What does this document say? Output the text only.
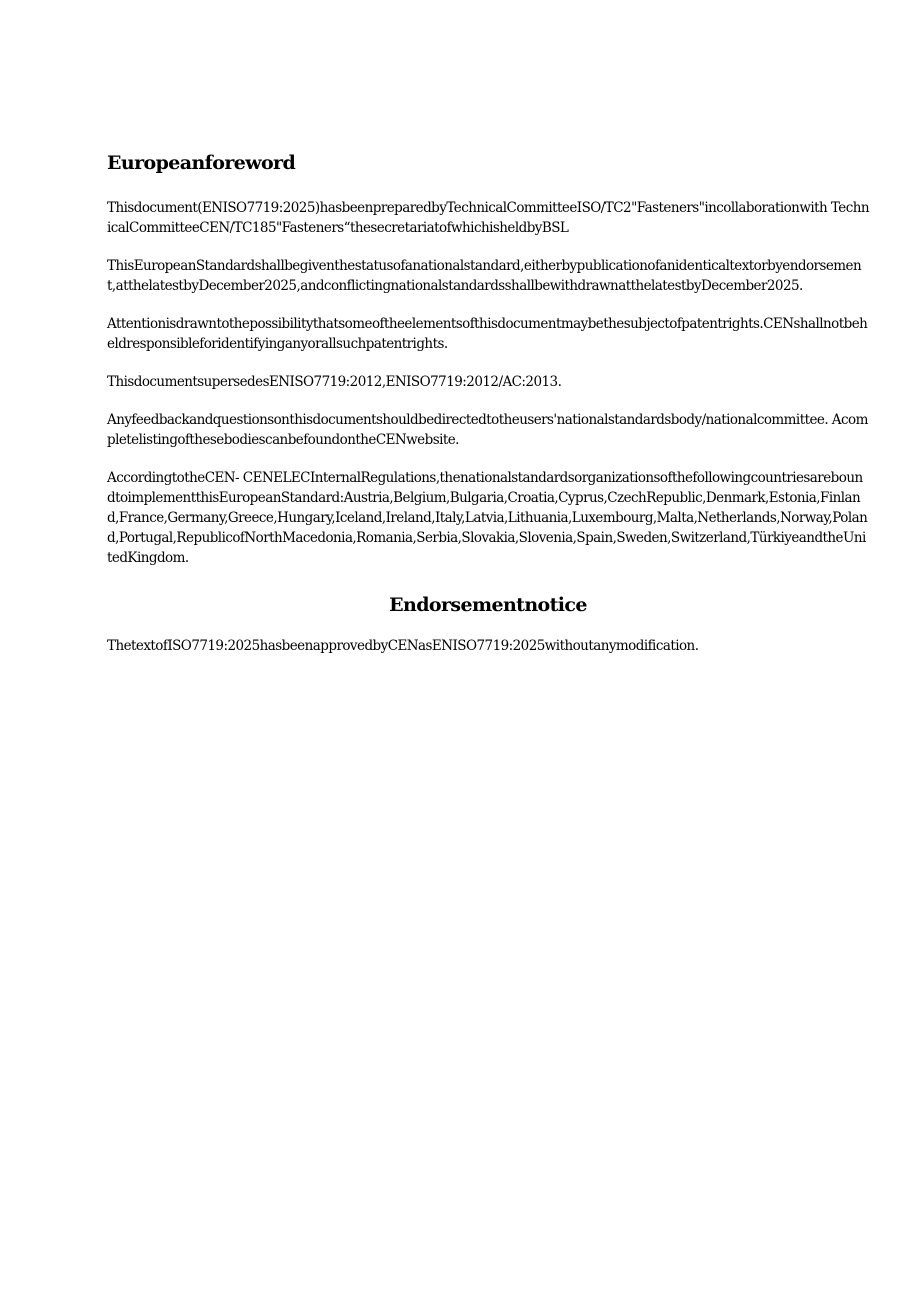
Europeanforeword

Thisdocument(ENISO7719:2025)hasbeenpreparedbyTechnicalCommitteeISO/TC2"Fasteners"incollaborationwith TechnicalCommitteeCEN/TC185"Fasteners“thesecretariatofwhichisheldbyBSL

ThisEuropeanStandardshallbegiventhestatusofanationalstandard,eitherbypublicationofanidenticaltextorbyendorsement,atthelatestbyDecember2025,andconflictingnationalstandardsshallbewithdrawnatthelatestbyDecember2025.

Attentionisdrawntothepossibilitythatsomeoftheelementsofthisdocumentmaybethesubjectofpatentrights.CENshallnotbeheldresponsibleforidentifyinganyorallsuchpatentrights.

ThisdocumentsupersedesENISO7719:2012,ENISO7719:2012/AC:2013.

Anyfeedbackandquestionsonthisdocumentshouldbedirectedtotheusers'nationalstandardsbody/nationalcommittee. AcompletelistingofthesebodiescanbefoundontheCENwebsite.

AccordingtotheCEN- CENELECInternalRegulations,thenationalstandardsorganizationsofthefollowingcountriesareboundtoimplementthisEuropeanStandard:Austria,Belgium,Bulgaria,Croatia,Cyprus,CzechRepublic,Denmark,Estonia,Finland,France,Germany,Greece,Hungary,Iceland,Ireland,Italy,Latvia,Lithuania,Luxembourg,Malta,Netherlands,Norway,Poland,Portugal,RepublicofNorthMacedonia,Romania,Serbia,Slovakia,Slovenia,Spain,Sweden,Switzerland,TürkiyeandtheUnitedKingdom.

Endorsementnotice

ThetextofISO7719:2025hasbeenapprovedbyCENasENISO7719:2025withoutanymodification.
